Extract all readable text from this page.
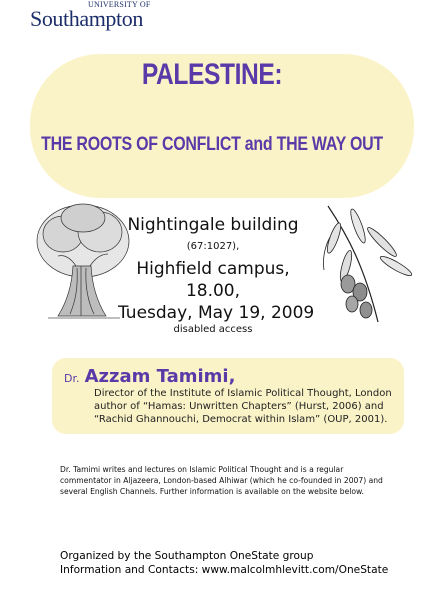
UNIVERSITY OF
Southampton
PALESTINE:
THE ROOTS OF CONFLICT and THE WAY OUT
Nightingale building
(67:1027),
Highfield campus,
18.00,
Tuesday, May 19, 2009
disabled access
Dr. Azzam Tamimi,
Director of the Institute of Islamic Political Thought, London
author of “Hamas: Unwritten Chapters” (Hurst, 2006) and
“Rachid Ghannouchi, Democrat within Islam” (OUP, 2001).
Dr. Tamimi writes and lectures on Islamic Political Thought and is a regular commentator in Aljazeera, London-based Alhiwar (which he co-founded in 2007) and several English Channels. Further information is available on the website below.
Organized by the Southampton OneState group
Information and Contacts: www.malcolmhlevitt.com/OneState
